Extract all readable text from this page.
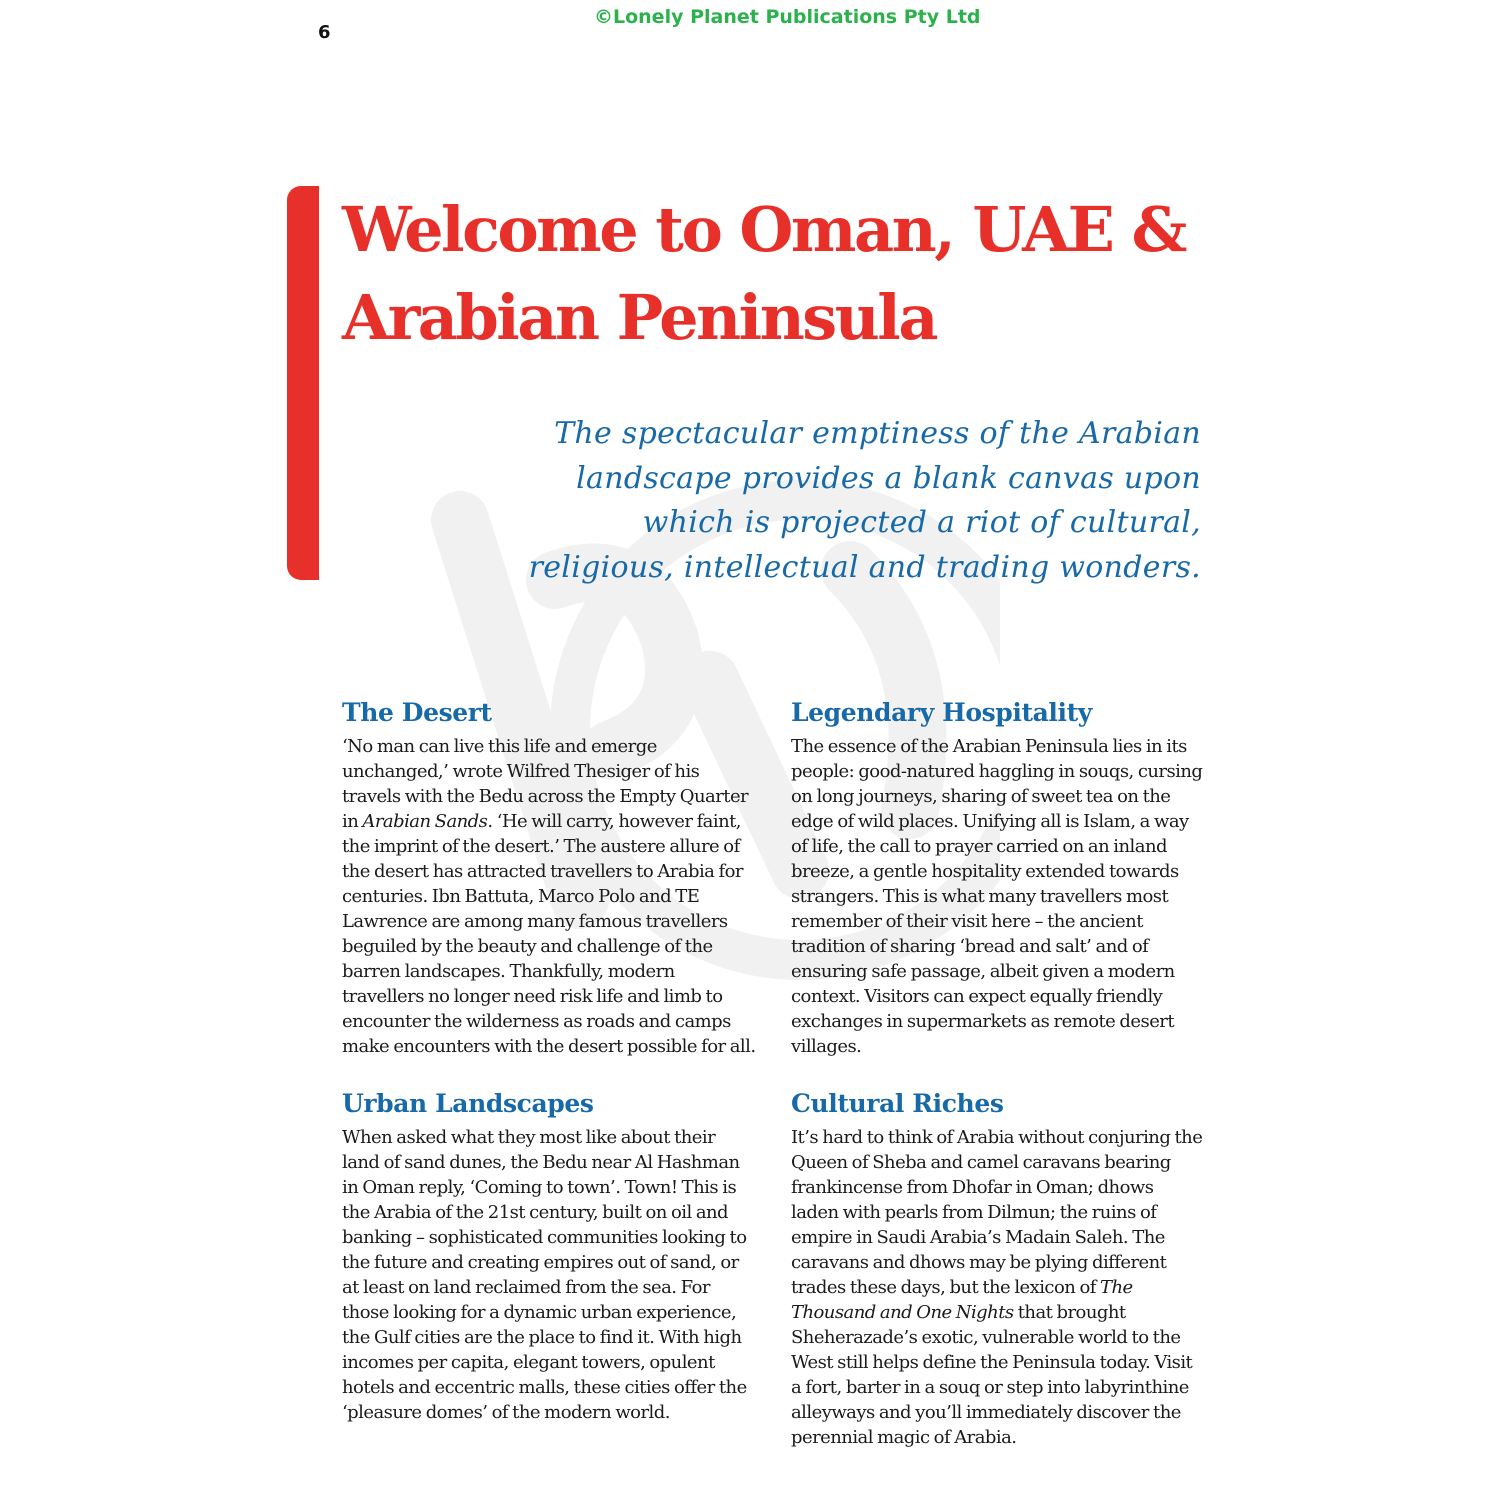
©Lonely Planet Publications Pty Ltd
6
Welcome to Oman, UAE &
Arabian Peninsula

The spectacular emptiness of the Arabian landscape provides a blank canvas upon which is projected a riot of cultural, religious, intellectual and trading wonders.

The Desert

‘No man can live this life and emerge unchanged,’ wrote Wilfred Thesiger of his travels with the Bedu across the Empty Quarter in Arabian Sands. ‘He will carry, however faint, the imprint of the desert.’ The austere allure of the desert has attracted travellers to Arabia for centuries. Ibn Battuta, Marco Polo and TE Lawrence are among many famous travellers beguiled by the beauty and challenge of the barren landscapes. Thankfully, modern travellers no longer need risk life and limb to encounter the wilderness as roads and camps make encounters with the desert possible for all.

Urban Landscapes

When asked what they most like about their land of sand dunes, the Bedu near Al Hashman in Oman reply, ‘Coming to town’. Town! This is the Arabia of the 21st century, built on oil and banking – sophisticated communities looking to the future and creating empires out of sand, or at least on land reclaimed from the sea. For those looking for a dynamic urban experience, the Gulf cities are the place to find it. With high incomes per capita, elegant towers, opulent hotels and eccentric malls, these cities offer the ‘pleasure domes’ of the modern world.

Legendary Hospitality

The essence of the Arabian Peninsula lies in its people: good-natured haggling in souqs, cursing on long journeys, sharing of sweet tea on the edge of wild places. Unifying all is Islam, a way of life, the call to prayer carried on an inland breeze, a gentle hospitality extended towards strangers. This is what many travellers most remember of their visit here – the ancient tradition of sharing ‘bread and salt’ and of ensuring safe passage, albeit given a modern context. Visitors can expect equally friendly exchanges in supermarkets as remote desert villages.

Cultural Riches

It’s hard to think of Arabia without conjuring the Queen of Sheba and camel caravans bearing frankincense from Dhofar in Oman; dhows laden with pearls from Dilmun; the ruins of empire in Saudi Arabia’s Madain Saleh. The caravans and dhows may be plying different trades these days, but the lexicon of The Thousand and One Nights that brought Sheherazade’s exotic, vulnerable world to the West still helps define the Peninsula today. Visit a fort, barter in a souq or step into labyrinthine alleyways and you’ll immediately discover the perennial magic of Arabia.
